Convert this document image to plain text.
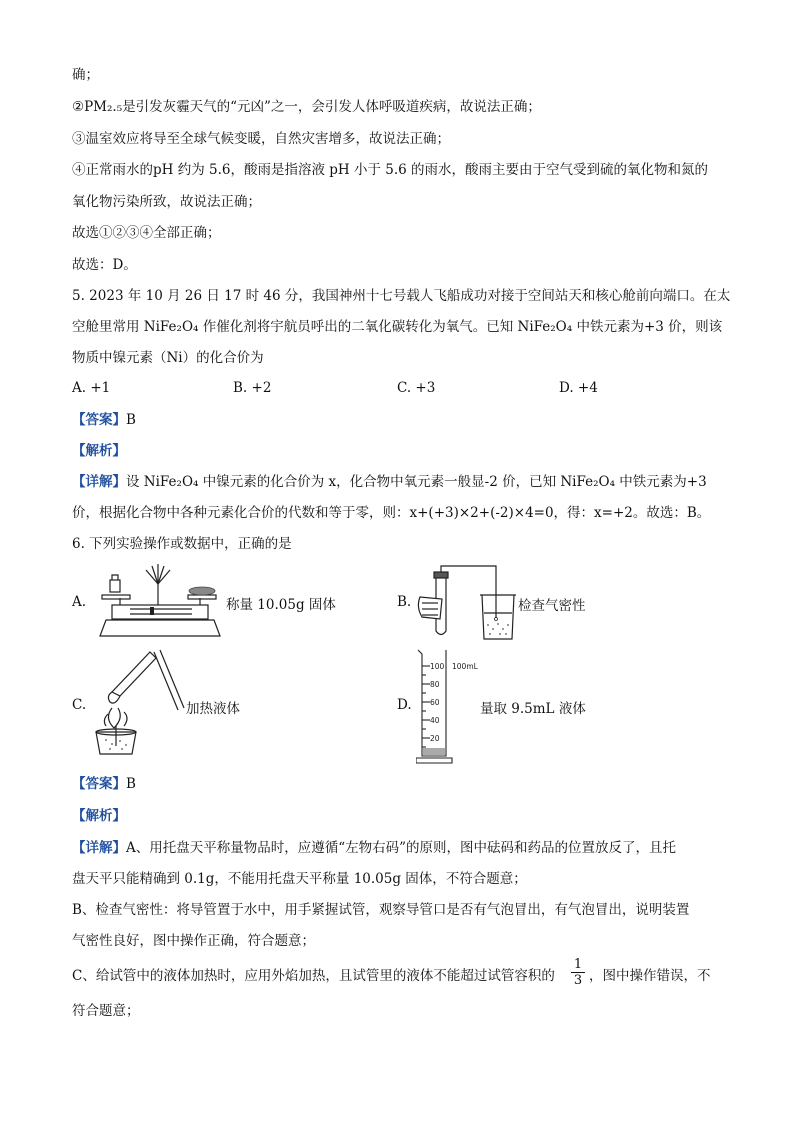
确；
②PM₂.₅是引发灰霾天气的“元凶”之一，会引发人体呼吸道疾病，故说法正确；
③温室效应将导至全球气候变暖，自然灾害增多，故说法正确；
④正常雨水的pH 约为 5.6，酸雨是指溶液 pH 小于 5.6 的雨水，酸雨主要由于空气受到硫的氧化物和氮的
氧化物污染所致，故说法正确；
故选①②③④全部正确；
故选：D。
5. 2023 年 10 月 26 日 17 时 46 分，我国神州十七号载人飞船成功对接于空间站天和核心舱前向端口。在太
空舱里常用 NiFe₂O₄ 作催化剂将宇航员呼出的二氧化碳转化为氧气。已知 NiFe₂O₄ 中铁元素为+3 价，则该
物质中镍元素（Ni）的化合价为
A. +1	B. +2	C. +3	D. +4
【答案】B
【解析】
【详解】设 NiFe₂O₄ 中镍元素的化合价为 x，化合物中氧元素一般显-2 价，已知 NiFe₂O₄ 中铁元素为+3
价，根据化合物中各种元素化合价的代数和等于零，则：x+(+3)×2+(-2)×4=0，得：x=+2。故选：B。
6. 下列实验操作或数据中，正确的是
A.	称量 10.05g 固体	B.	检查气密性
C.	加热液体	D.
100
80
60
40
20
100mL
量取 9.5mL 液体
【答案】B
【解析】
【详解】A、用托盘天平称量物品时，应遵循“左物右码”的原则，图中砝码和药品的位置放反了，且托
盘天平只能精确到 0.1g，不能用托盘天平称量 10.05g 固体，不符合题意；
B、检查气密性：将导管置于水中，用手紧握试管，观察导管口是否有气泡冒出，有气泡冒出，说明装置
气密性良好，图中操作正确，符合题意；
C、给试管中的液体加热时，应用外焰加热，且试管里的液体不能超过试管容积的 $\frac{1}{3}$ ，图中操作错误，不
符合题意；
